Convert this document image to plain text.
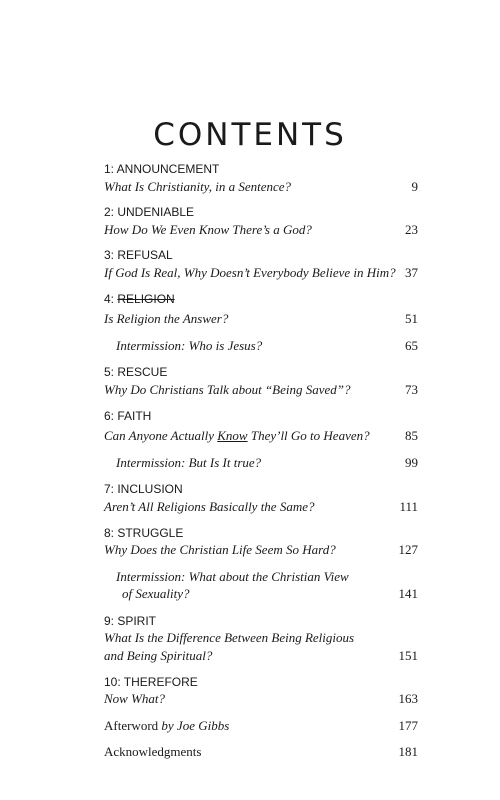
CONTENTS
1: ANNOUNCEMENT
What Is Christianity, in a Sentence?	9
2: UNDENIABLE
How Do We Even Know There’s a God?	23
3: REFUSAL
If God Is Real, Why Doesn’t Everybody Believe in Him? 37
4: RELIGION
Is Religion the Answer?	51
Intermission: Who is Jesus?	65
5: RESCUE
Why Do Christians Talk about “Being Saved”?	73
6: FAITH
Can Anyone Actually Know They’ll Go to Heaven?	85
Intermission: But Is It true?	99
7: INCLUSION
Aren’t All Religions Basically the Same?	111
8: STRUGGLE
Why Does the Christian Life Seem So Hard?	127
Intermission: What about the Christian View
of Sexuality?	141
9: SPIRIT
What Is the Difference Between Being Religious
and Being Spiritual?	151
10: THEREFORE
Now What?	163
Afterword by Joe Gibbs	177
Acknowledgments	181
